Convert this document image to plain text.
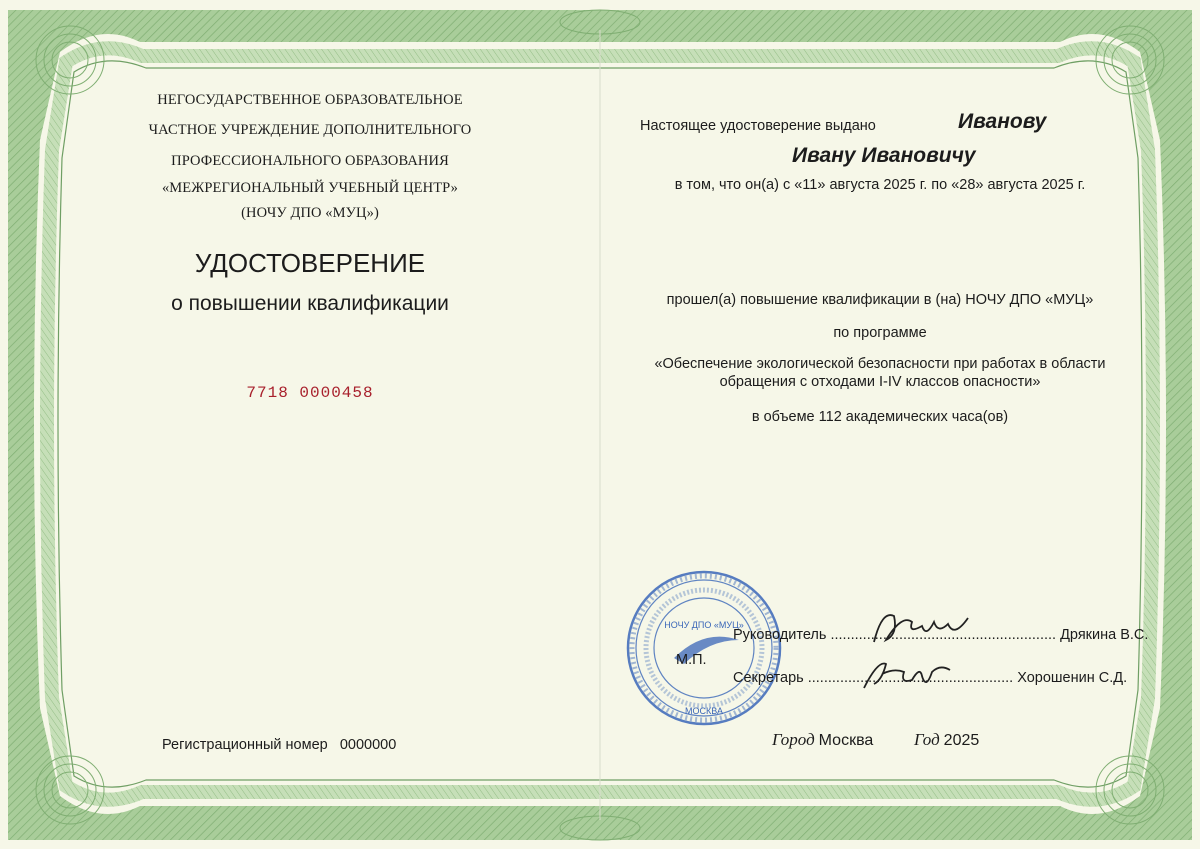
НЕГОСУДАРСТВЕННОЕ ОБРАЗОВАТЕЛЬНОЕ
ЧАСТНОЕ УЧРЕЖДЕНИЕ ДОПОЛНИТЕЛЬНОГО
ПРОФЕССИОНАЛЬНОГО ОБРАЗОВАНИЯ
«МЕЖРЕГИОНАЛЬНЫЙ УЧЕБНЫЙ ЦЕНТР»
(НОЧУ ДПО «МУЦ»)
УДОСТОВЕРЕНИЕ
о повышении квалификации
7718 0000458
Регистрационный номер 0000000
Настоящее удостоверение выдано	Иванову
Ивану Ивановичу
в том, что он(а) с «11» августа 2025 г. по «28» августа 2025 г.
прошел(а) повышение квалификации в (на) НОЧУ ДПО «МУЦ»
по программе
«Обеспечение экологической безопасности при работах в области
обращения с отходами I-IV классов опасности»
в объеме 112 академических часа(ов)
НОЧУ ДПО «МУЦ»
МОСКВА
М.П.
Руководитель ........................................................ Дрякина В.С.
Секретарь ................................................... Хорошенин С.Д.
Город Москва Год 2025
